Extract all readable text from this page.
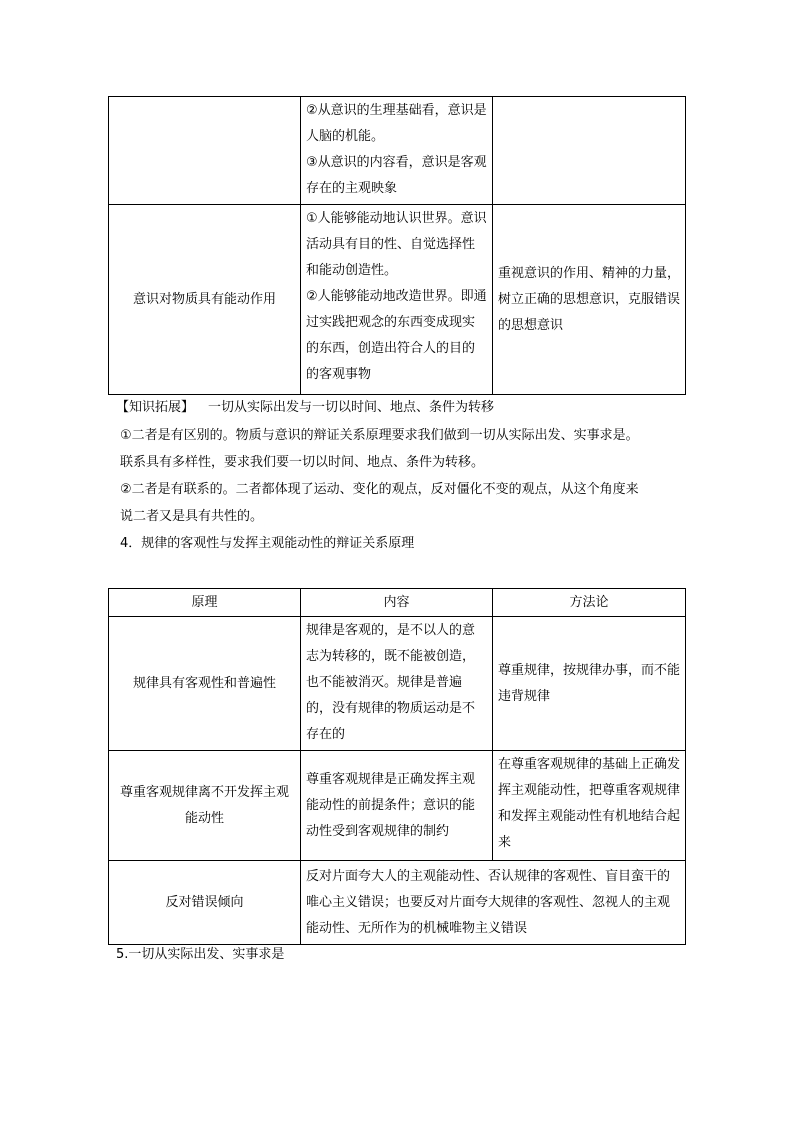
	②从意识的生理基础看，意识是人脑的机能。

③从意识的内容看，意识是客观存在的主观映象	

意识对物质具有能动作用	①人能够能动地认识世界。意识活动具有目的性、自觉选择性和能动创造性。

②人能够能动地改造世界。即通过实践把观念的东西变成现实的东西，创造出符合人的目的的客观事物	重视意识的作用、精神的力量，树立正确的思想意识，克服错误的思想意识
【知识拓展】 一切从实际出发与一切以时间、地点、条件为转移
①二者是有区别的。物质与意识的辩证关系原理要求我们做到一切从实际出发、实事求是。
联系具有多样性，要求我们要一切以时间、地点、条件为转移。
②二者是有联系的。二者都体现了运动、变化的观点，反对僵化不变的观点，从这个角度来
说二者又是具有共性的。
4．规律的客观性与发挥主观能动性的辩证关系原理
原理	内容	方法论
规律具有客观性和普遍性	规律是客观的，是不以人的意志为转移的，既不能被创造，也不能被消灭。规律是普遍的，没有规律的物质运动是不存在的	尊重规律，按规律办事，而不能违背规律
尊重客观规律离不开发挥主观能动性	尊重客观规律是正确发挥主观能动性的前提条件；意识的能动性受到客观规律的制约	在尊重客观规律的基础上正确发挥主观能动性，把尊重客观规律和发挥主观能动性有机地结合起来
反对错误倾向	反对片面夸大人的主观能动性、否认规律的客观性、盲目蛮干的唯心主义错误；也要反对片面夸大规律的客观性、忽视人的主观能动性、无所作为的机械唯物主义错误	
5.一切从实际出发、实事求是
